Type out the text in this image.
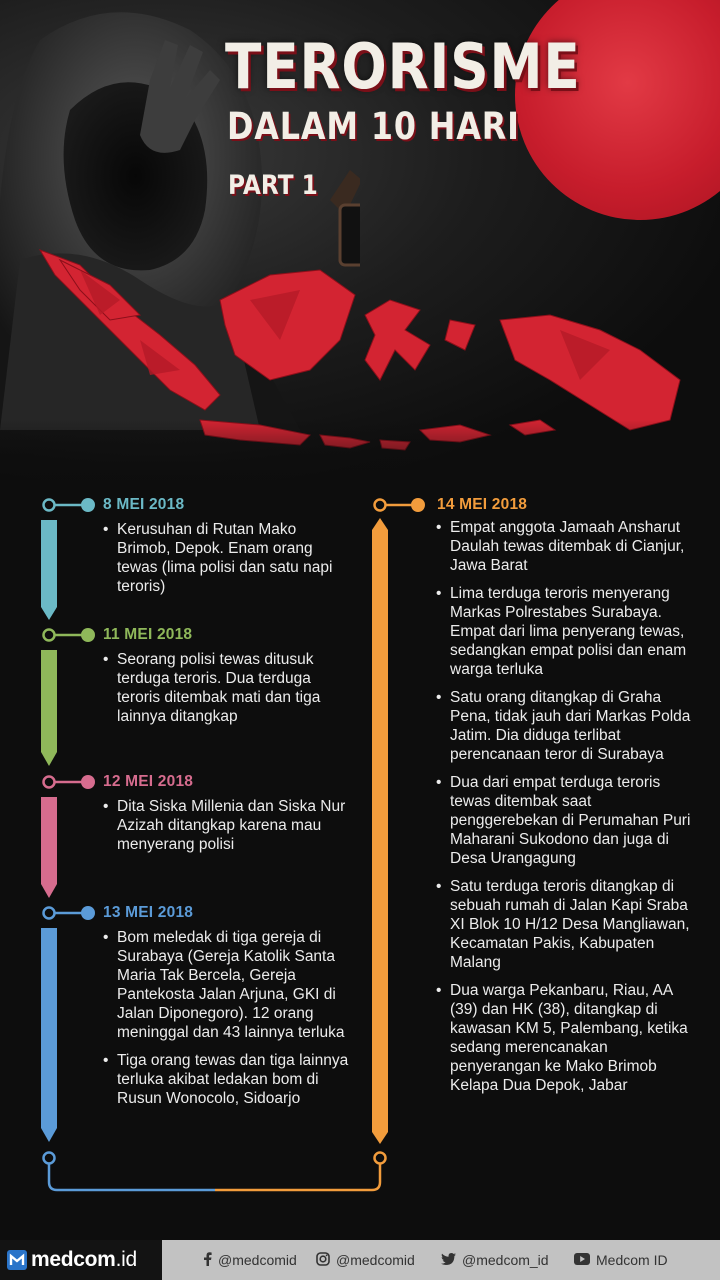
TERORISME
DALAM 10 HARI
PART 1
8 MEI 2018
• Kerusuhan di Rutan Mako Brimob, Depok. Enam orang tewas (lima polisi dan satu napi teroris)
11 MEI 2018
• Seorang polisi tewas ditusuk terduga teroris. Dua terduga teroris ditembak mati dan tiga lainnya ditangkap
12 MEI 2018
• Dita Siska Millenia dan Siska Nur Azizah ditangkap karena mau menyerang polisi
13 MEI 2018
• Bom meledak di tiga gereja di Surabaya (Gereja Katolik Santa Maria Tak Bercela, Gereja Pantekosta Jalan Arjuna, GKI di Jalan Diponegoro). 12 orang meninggal dan 43 lainnya terluka
• Tiga orang tewas dan tiga lainnya terluka akibat ledakan bom di Rusun Wonocolo, Sidoarjo
14 MEI 2018
• Empat anggota Jamaah Ansharut Daulah tewas ditembak di Cianjur, Jawa Barat
• Lima terduga teroris menyerang Markas Polrestabes Surabaya. Empat dari lima penyerang tewas, sedangkan empat polisi dan enam warga terluka
• Satu orang ditangkap di Graha Pena, tidak jauh dari Markas Polda Jatim. Dia diduga terlibat perencanaan teror di Surabaya
• Dua dari empat terduga teroris tewas ditembak saat penggerebekan di Perumahan Puri Maharani Sukodono dan juga di Desa Urangagung
• Satu terduga teroris ditangkap di sebuah rumah di Jalan Kapi Sraba XI Blok 10 H/12 Desa Mangliawan, Kecamatan Pakis, Kabupaten Malang
• Dua warga Pekanbaru, Riau, AA (39) dan HK (38), ditangkap di kawasan KM 5, Palembang, ketika sedang merencanakan penyerangan ke Mako Brimob Kelapa Dua Depok, Jabar
medcom.id	@medcomid	@medcomid	@medcom_id	Medcom ID
